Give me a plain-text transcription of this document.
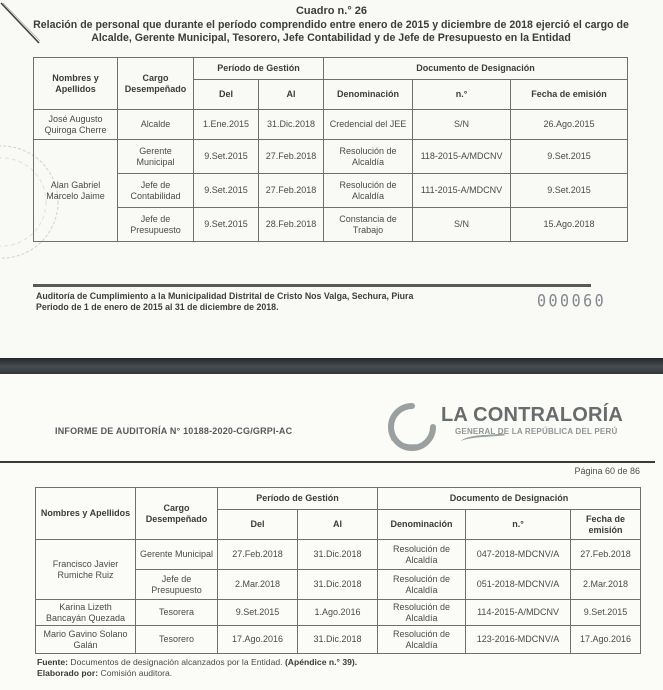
Cuadro n.° 26
Relación de personal que durante el período comprendido entre enero de 2015 y diciembre de 2018 ejerció el cargo de Alcalde, Gerente Municipal, Tesorero, Jefe Contabilidad y de Jefe de Presupuesto en la Entidad
Nombres y Apellidos	Cargo Desempeñado	Período de Gestión		Documento de Designación		
		Del	Al	Denominación	n.°	Fecha de emisión
José Augusto Quiroga Cherre	Alcalde	1.Ene.2015	31.Dic.2018	Credencial del JEE	S/N	26.Ago.2015
Alan Gabriel Marcelo Jaime	Gerente Municipal	9.Set.2015	27.Feb.2018	Resolución de Alcaldía	118-2015-A/MDCNV	9.Set.2015
	Jefe de Contabilidad	9.Set.2015	27.Feb.2018	Resolución de Alcaldía	111-2015-A/MDCNV	9.Set.2015
	Jefe de Presupuesto	9.Set.2015	28.Feb.2018	Constancia de Trabajo	S/N	15.Ago.2018
Auditoría de Cumplimiento a la Municipalidad Distrital de Cristo Nos Valga, Sechura, Piura
Periodo de 1 de enero de 2015 al 31 de diciembre de 2018.	000060
INFORME DE AUDITORÍA N° 10188-2020-CG/GRPI-AC
LA CONTRALORÍA
GENERAL DE LA REPÚBLICA DEL PERÚ
Página 60 de 86
Nombres y Apellidos	Cargo Desempeñado	Período de Gestión		Documento de Designación		
		Del	Al	Denominación	n.°	Fecha de emisión
Francisco Javier Rumiche Ruiz	Gerente Municipal	27.Feb.2018	31.Dic.2018	Resolución de Alcaldía	047-2018-MDCNV/A	27.Feb.2018
	Jefe de Presupuesto	2.Mar.2018	31.Dic.2018	Resolución de Alcaldía	051-2018-MDCNV/A	2.Mar.2018
Karina Lizeth Bancayán Quezada	Tesorera	9.Set.2015	1.Ago.2016	Resolución de Alcaldía	114-2015-A/MDCNV	9.Set.2015
Mario Gavino Solano Galán	Tesorero	17.Ago.2016	31.Dic.2018	Resolución de Alcaldía	123-2016-MDCNV/A	17.Ago.2016
Fuente: Documentos de designación alcanzados por la Entidad. (Apéndice n.° 39).
Elaborado por: Comisión auditora.
